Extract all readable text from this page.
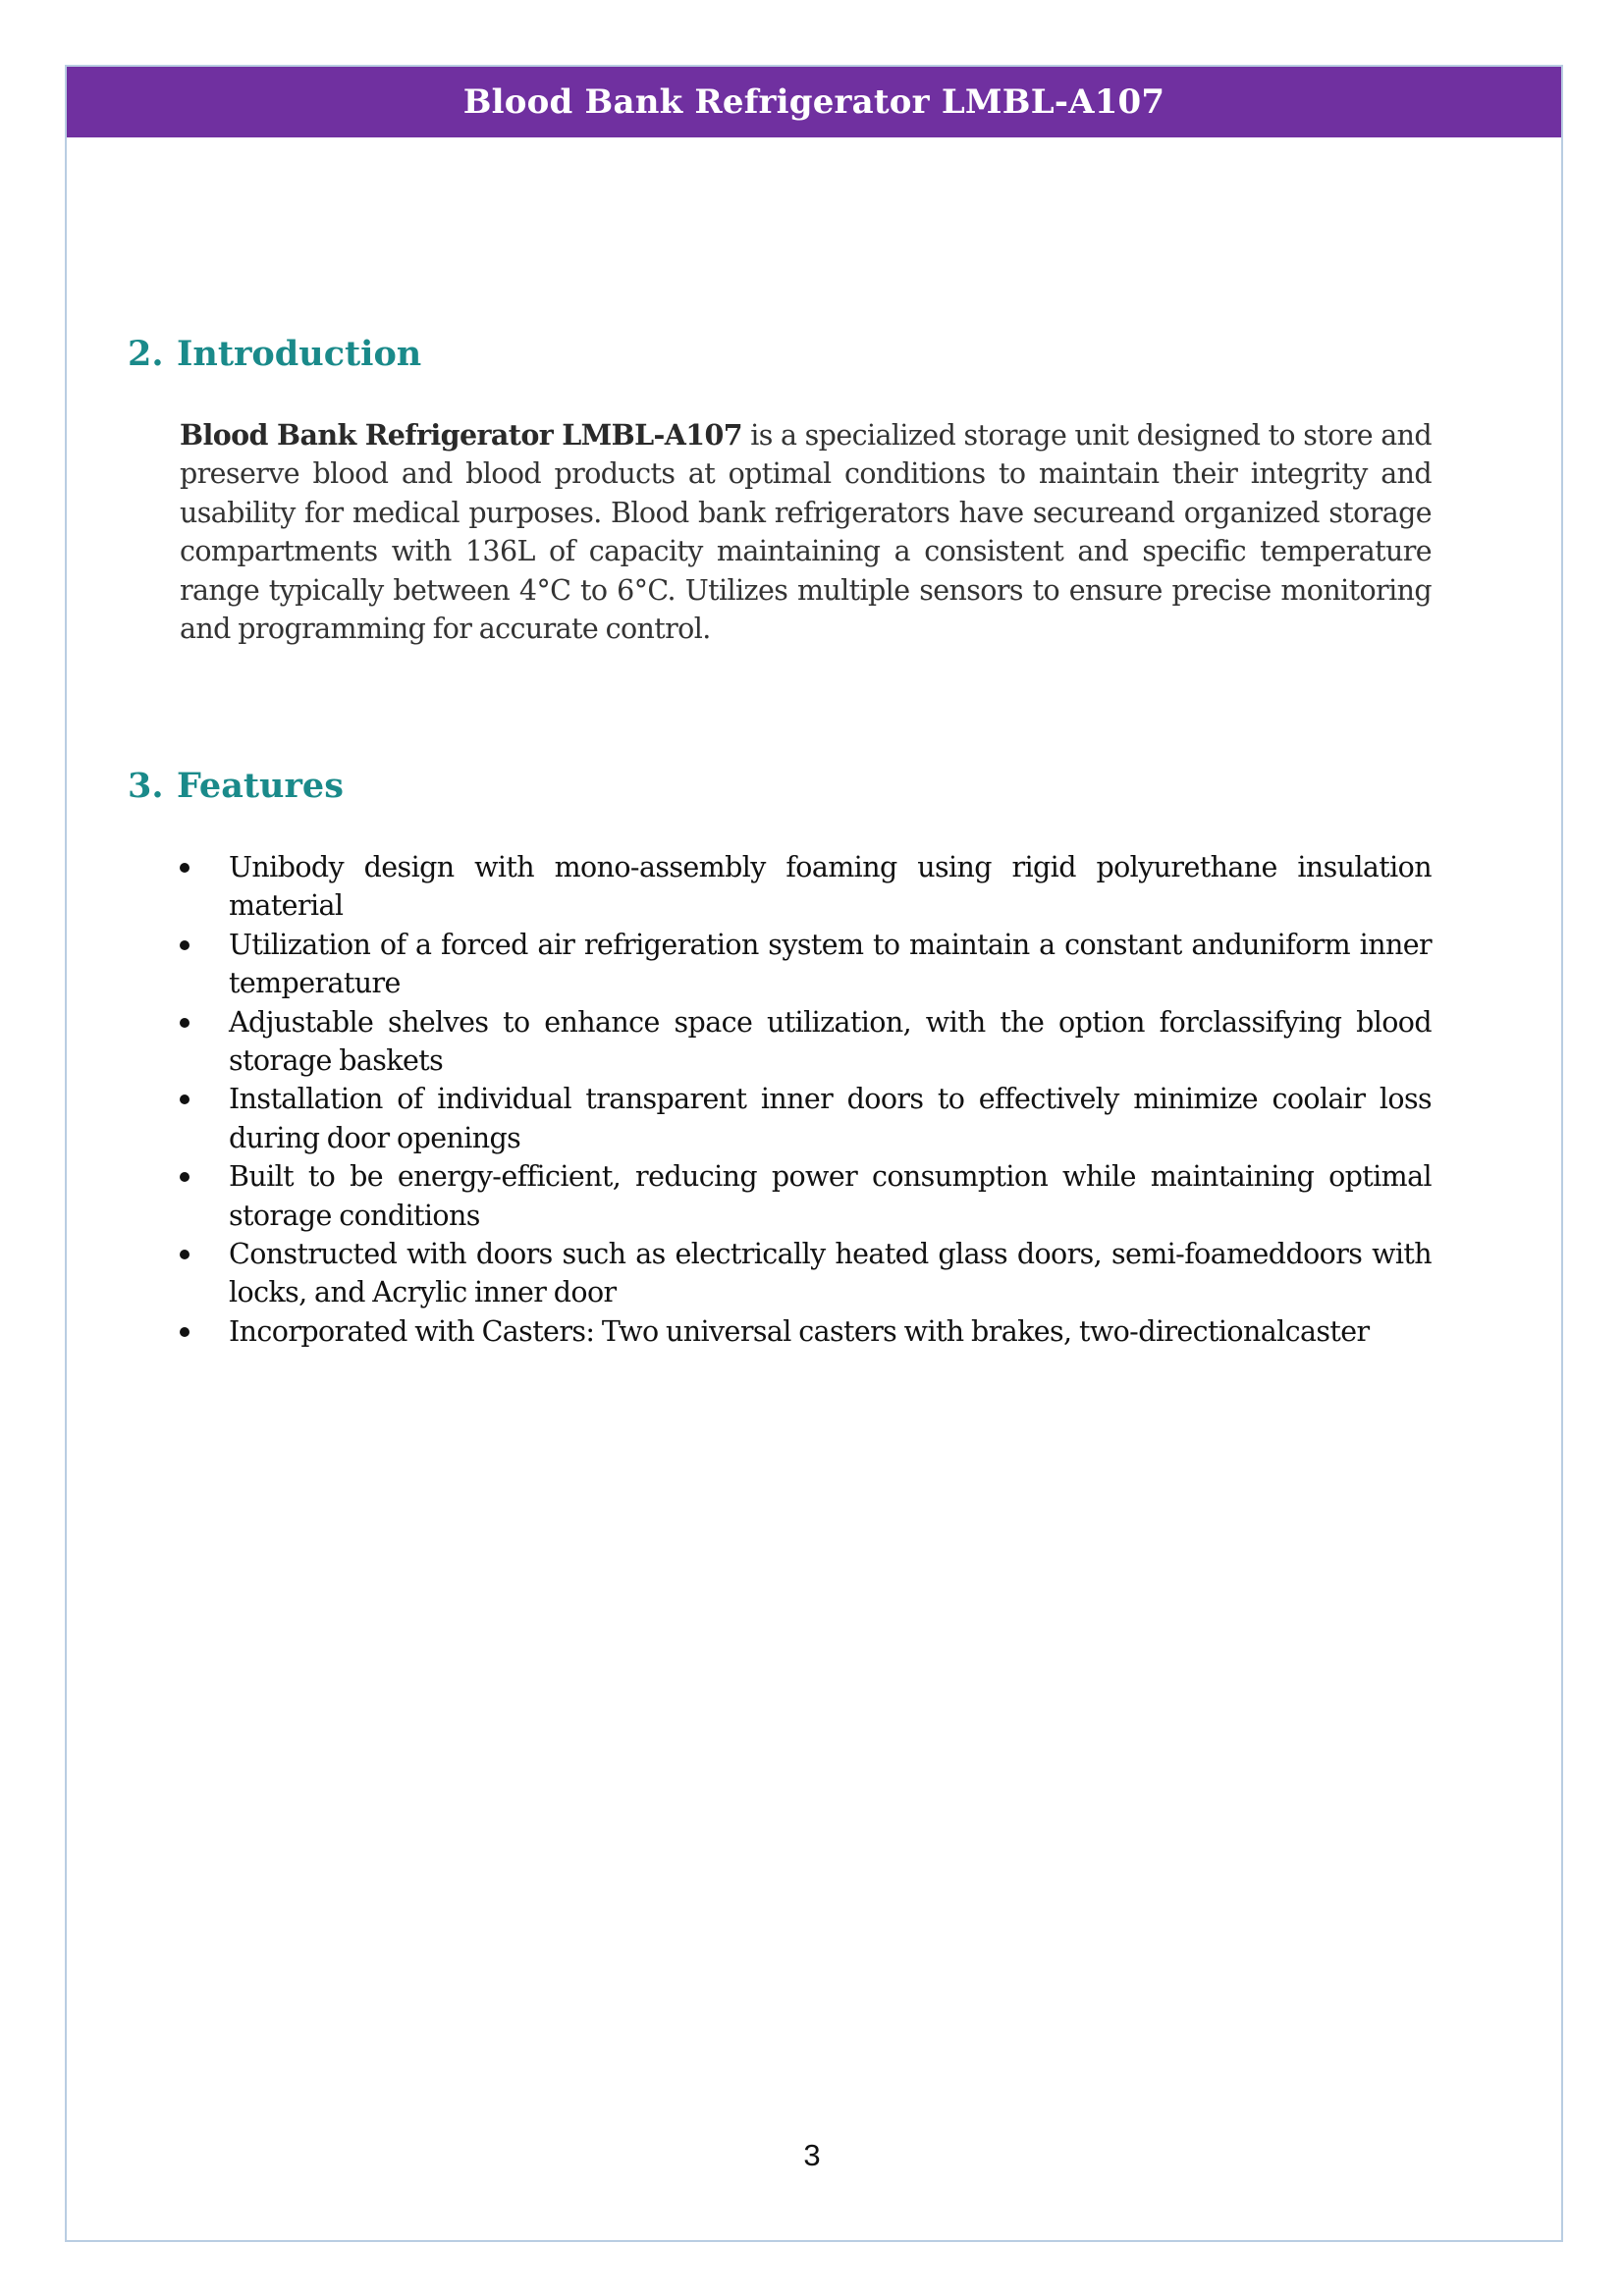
Blood Bank Refrigerator LMBL-A107
2. Introduction

Blood Bank Refrigerator LMBL-A107 is a specialized storage unit designed to store and preserve blood and blood products at optimal conditions to maintain their integrity and usability for medical purposes. Blood bank refrigerators have secureand organized storage compartments with 136L of capacity maintaining a consistent and specific temperature range typically between 4°C to 6°C. Utilizes multiple sensors to ensure precise monitoring and programming for accurate control.

3. Features
Unibody design with mono-assembly foaming using rigid polyurethane insulation material
Utilization of a forced air refrigeration system to maintain a constant anduniform inner temperature
Adjustable shelves to enhance space utilization, with the option forclassifying blood storage baskets
Installation of individual transparent inner doors to effectively minimize coolair loss during door openings
Built to be energy-efficient, reducing power consumption while maintaining optimal storage conditions
Constructed with doors such as electrically heated glass doors, semi-foameddoors with locks, and Acrylic inner door
Incorporated with Casters: Two universal casters with brakes, two-directionalcaster
3
